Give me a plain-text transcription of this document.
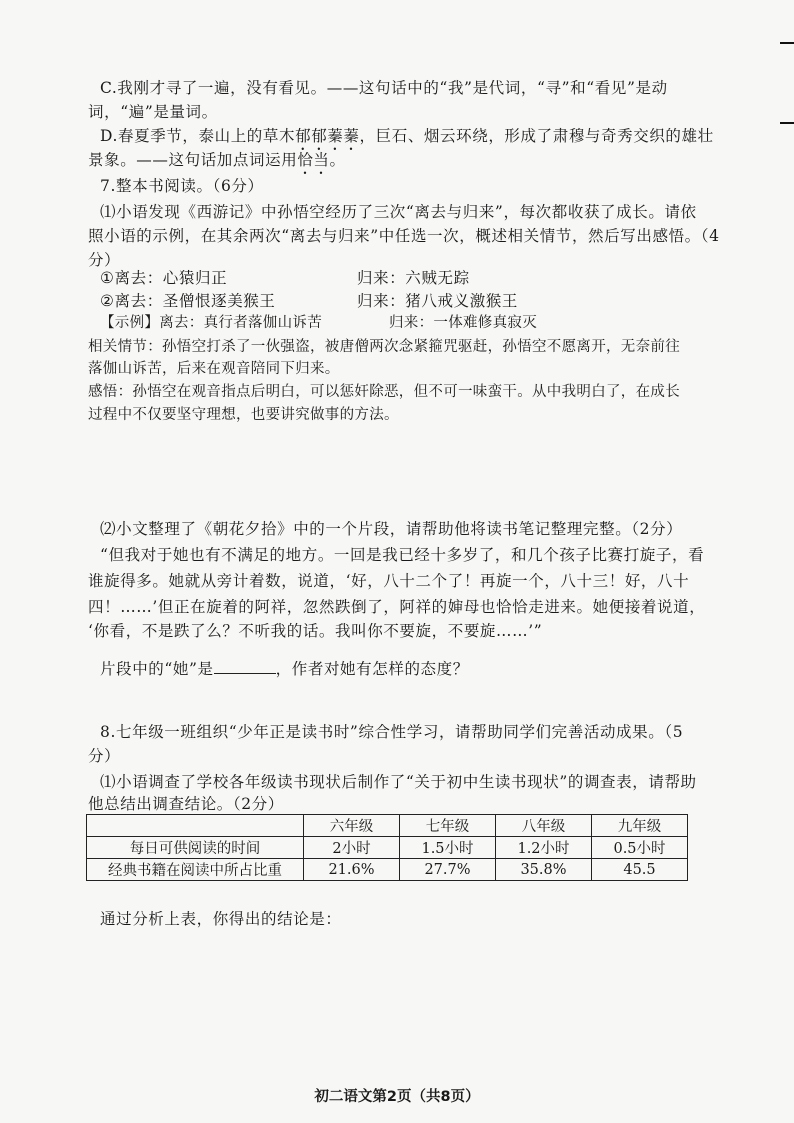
C.我刚才寻了一遍，没有看见。——这句话中的“我”是代词，“寻”和“看见”是动
词，“遍”是量词。
D.春夏季节，泰山上的草木郁郁蓁蓁，巨石、烟云环绕，形成了肃穆与奇秀交织的雄壮
景象。——这句话加点词运用恰当。
7.整本书阅读。（6分）
⑴小语发现《西游记》中孙悟空经历了三次“离去与归来”，每次都收获了成长。请依
照小语的示例，在其余两次“离去与归来”中任选一次，概述相关情节，然后写出感悟。（4
分）
①离去：心猿归正	归来：六贼无踪
②离去：圣僧恨逐美猴王	归来：猪八戒义激猴王
【示例】离去：真行者落伽山诉苦	归来：一体难修真寂灭
相关情节：孙悟空打杀了一伙强盗，被唐僧两次念紧箍咒驱赶，孙悟空不愿离开，无奈前往
落伽山诉苦，后来在观音陪同下归来。
感悟：孙悟空在观音指点后明白，可以惩奸除恶，但不可一味蛮干。从中我明白了，在成长
过程中不仅要坚守理想，也要讲究做事的方法。
⑵小文整理了《朝花夕拾》中的一个片段，请帮助他将读书笔记整理完整。（2分）
“但我对于她也有不满足的地方。一回是我已经十多岁了，和几个孩子比赛打旋子，看
谁旋得多。她就从旁计着数，说道，‘好，八十二个了！再旋一个，八十三！好，八十
四！……’但正在旋着的阿祥，忽然跌倒了，阿祥的婶母也恰恰走进来。她便接着说道，
‘你看，不是跌了么？不听我的话。我叫你不要旋，不要旋……’”
片段中的“她”是	，作者对她有怎样的态度？
8.七年级一班组织“少年正是读书时”综合性学习，请帮助同学们完善活动成果。（5
分）
⑴小语调查了学校各年级读书现状后制作了“关于初中生读书现状”的调查表，请帮助
他总结出调查结论。（2分）
	六年级	七年级	八年级	九年级
每日可供阅读的时间	2小时	1.5小时	1.2小时	0.5小时
经典书籍在阅读中所占比重	21.6%	27.7%	35.8%	45.5
通过分析上表，你得出的结论是：
初二语文第2页（共8页）
